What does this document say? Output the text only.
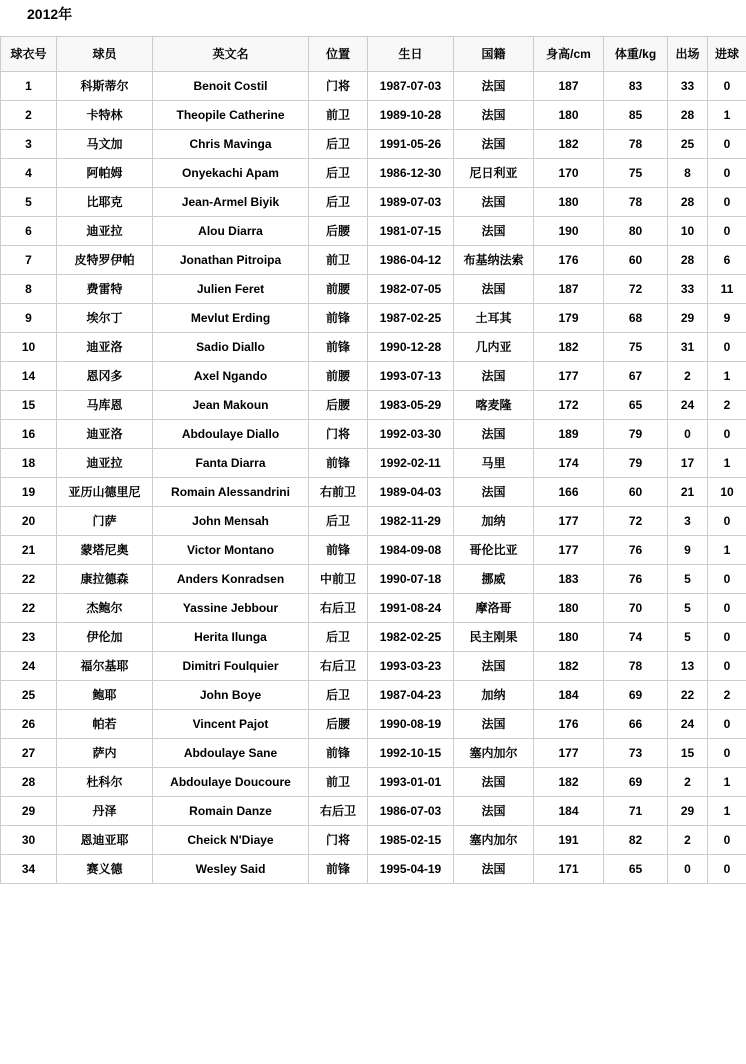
2012年
球衣号	球员	英文名	位置	生日	国籍	身高/cm	体重/kg	出场	进球
1	科斯蒂尔	Benoit Costil	门将	1987-07-03	法国	187	83	33	0
2	卡特林	Theopile Catherine	前卫	1989-10-28	法国	180	85	28	1
3	马文加	Chris Mavinga	后卫	1991-05-26	法国	182	78	25	0
4	阿帕姆	Onyekachi Apam	后卫	1986-12-30	尼日利亚	170	75	8	0
5	比耶克	Jean-Armel Biyik	后卫	1989-07-03	法国	180	78	28	0
6	迪亚拉	Alou Diarra	后腰	1981-07-15	法国	190	80	10	0
7	皮特罗伊帕	Jonathan Pitroipa	前卫	1986-04-12	布基纳法索	176	60	28	6
8	费雷特	Julien Feret	前腰	1982-07-05	法国	187	72	33	11
9	埃尔丁	Mevlut Erding	前锋	1987-02-25	土耳其	179	68	29	9
10	迪亚洛	Sadio Diallo	前锋	1990-12-28	几内亚	182	75	31	0
14	恩冈多	Axel Ngando	前腰	1993-07-13	法国	177	67	2	1
15	马库恩	Jean Makoun	后腰	1983-05-29	喀麦隆	172	65	24	2
16	迪亚洛	Abdoulaye Diallo	门将	1992-03-30	法国	189	79	0	0
18	迪亚拉	Fanta Diarra	前锋	1992-02-11	马里	174	79	17	1
19	亚历山德里尼	Romain Alessandrini	右前卫	1989-04-03	法国	166	60	21	10
20	门萨	John Mensah	后卫	1982-11-29	加纳	177	72	3	0
21	蒙塔尼奥	Victor Montano	前锋	1984-09-08	哥伦比亚	177	76	9	1
22	康拉德森	Anders Konradsen	中前卫	1990-07-18	挪威	183	76	5	0
22	杰鲍尔	Yassine Jebbour	右后卫	1991-08-24	摩洛哥	180	70	5	0
23	伊伦加	Herita Ilunga	后卫	1982-02-25	民主刚果	180	74	5	0
24	福尔基耶	Dimitri Foulquier	右后卫	1993-03-23	法国	182	78	13	0
25	鲍耶	John Boye	后卫	1987-04-23	加纳	184	69	22	2
26	帕若	Vincent Pajot	后腰	1990-08-19	法国	176	66	24	0
27	萨内	Abdoulaye Sane	前锋	1992-10-15	塞内加尔	177	73	15	0
28	杜科尔	Abdoulaye Doucoure	前卫	1993-01-01	法国	182	69	2	1
29	丹泽	Romain Danze	右后卫	1986-07-03	法国	184	71	29	1
30	恩迪亚耶	Cheick N'Diaye	门将	1985-02-15	塞内加尔	191	82	2	0
34	赛义德	Wesley Said	前锋	1995-04-19	法国	171	65	0	0
